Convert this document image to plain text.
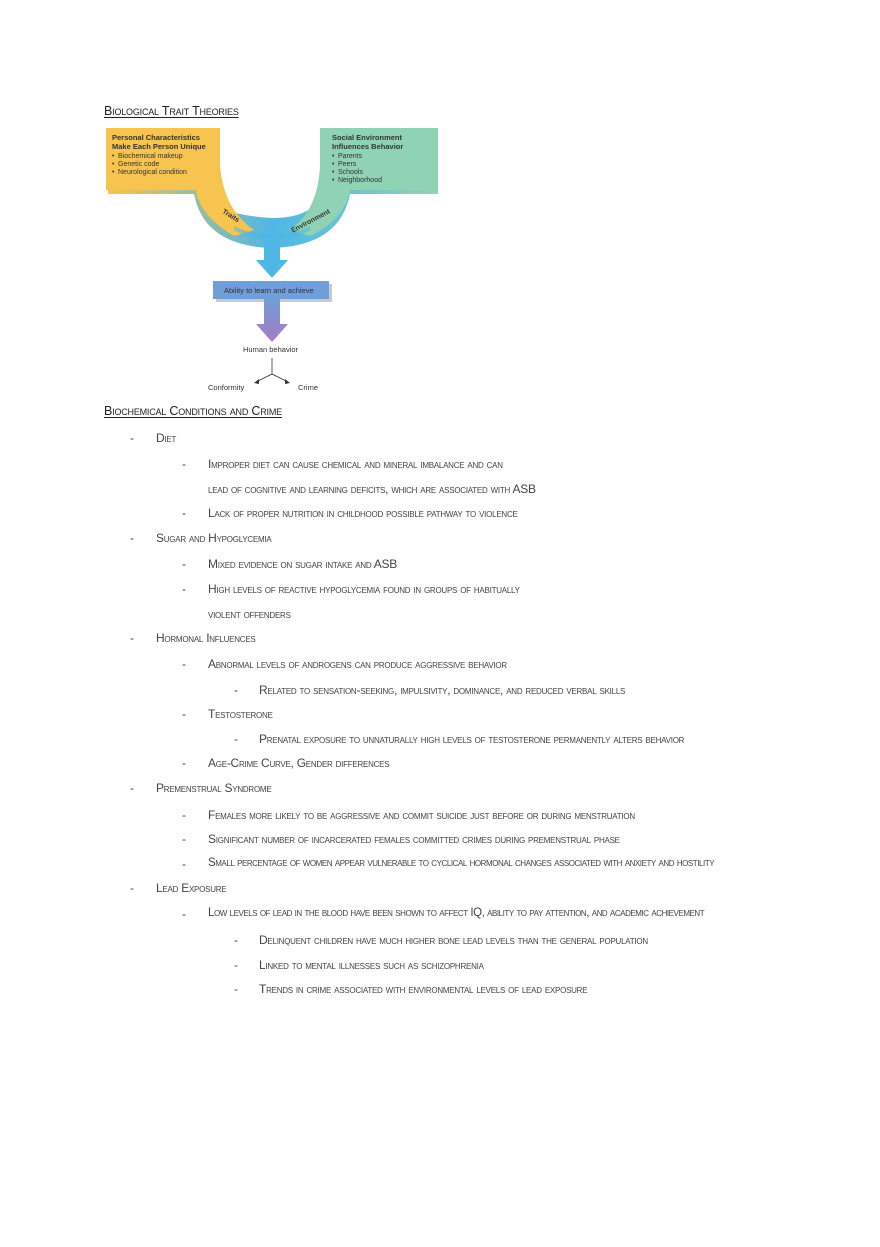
Biological Trait Theories

Personal Characteristics
Make Each Person Unique
• Biochemical makeup
• Genetic code
• Neurological condition
Social Environment
Influences Behavior
• Parents
• Peers
• Schools
• Neighborhood
Traits	Environment
Ability to learn and achieve
Human behavior
Conformity	Crime

Biochemical Conditions and Crime

- Diet

- Improper diet can cause chemical and mineral imbalance and can

lead of cognitive and learning deficits, which are associated with ASB

- Lack of proper nutrition in childhood possible pathway to violence

- Sugar and Hypoglycemia

- Mixed evidence on sugar intake and ASB

- High levels of reactive hypoglycemia found in groups of habitually

violent offenders

- Hormonal Influences

- Abnormal levels of androgens can produce aggressive behavior

- Related to sensation-seeking, impulsivity, dominance, and reduced verbal skills

- Testosterone

- Prenatal exposure to unnaturally high levels of testosterone permanently alters behavior

- Age-Crime Curve, Gender differences

- Premenstrual Syndrome

- Females more likely to be aggressive and commit suicide just before or during menstruation

- Significant number of incarcerated females committed crimes during premenstrual phase

- Small percentage of women appear vulnerable to cyclical hormonal changes associated with anxiety and hostility

- Lead Exposure

- Low levels of lead in the blood have been shown to affect IQ, ability to pay attention, and academic achievement

- Delinquent children have much higher bone lead levels than the general population

- Linked to mental illnesses such as schizophrenia

- Trends in crime associated with environmental levels of lead exposure
